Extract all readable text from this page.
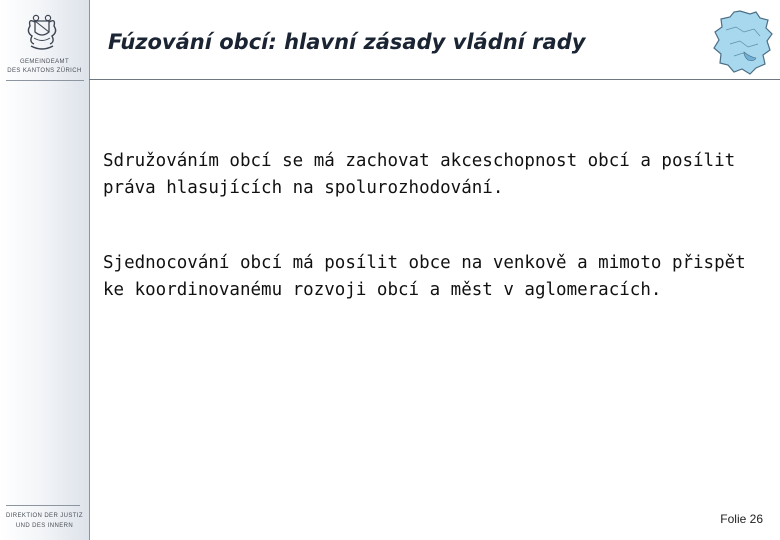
GEMEINDEAMT
DES KANTONS ZÜRICH
DIREKTION DER JUSTIZ
UND DES INNERN
Fúzování obcí: hlavní zásady vládní rady

Sdružováním obcí se má zachovat akceschopnost obcí a posílit práva hlasujících na spolurozhodování.

Sjednocování obcí má posílit obce na venkově a mimoto přispět ke koordinovanému rozvoji obcí a měst v aglomeracích.

Folie 26
